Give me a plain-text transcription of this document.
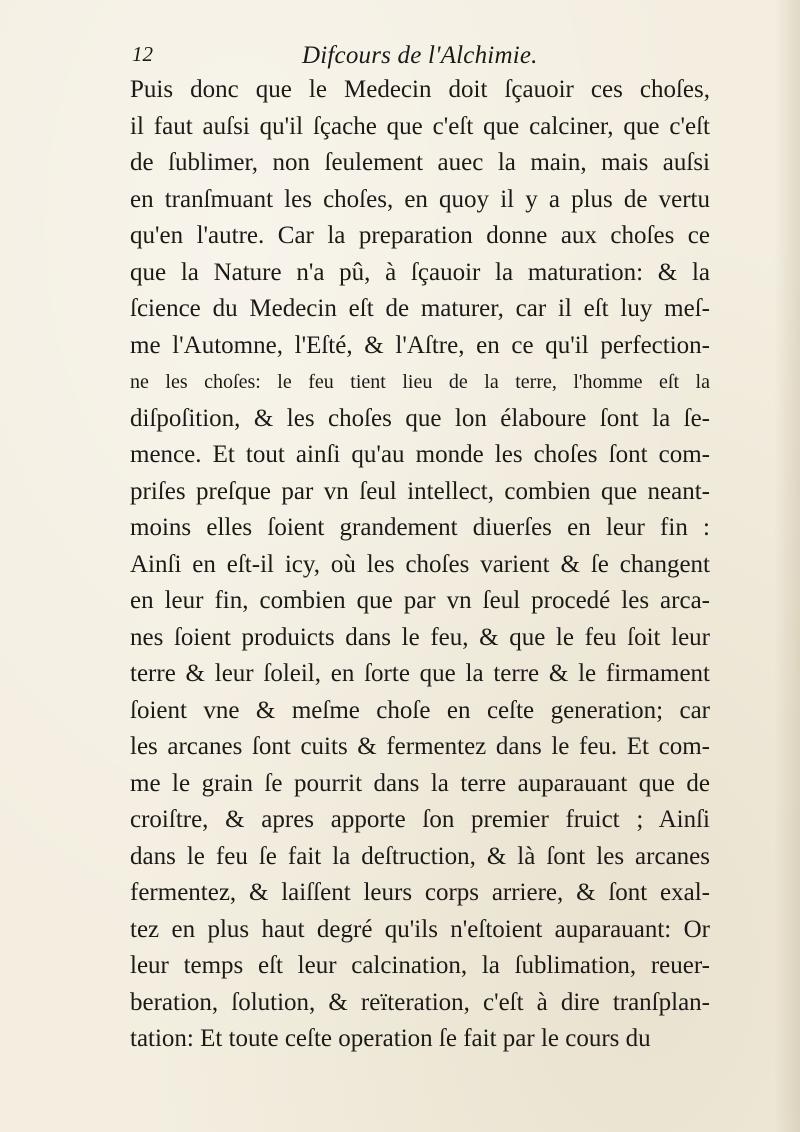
12	Difcours de l'Alchimie.
Puis donc que le Medecin doit ſçauoir ces choſes,
il faut auſsi qu'il ſçache que c'eſt que calciner, que c'eſt
de ſublimer, non ſeulement auec la main, mais auſsi
en tranſmuant les choſes, en quoy il y a plus de vertu
qu'en l'autre. Car la preparation donne aux choſes ce
que la Nature n'a pû, à ſçauoir la maturation: & la
ſcience du Medecin eſt de maturer, car il eſt luy meſ-
me l'Automne, l'Eſté, & l'Aſtre, en ce qu'il perfection-
ne les choſes: le feu tient lieu de la terre, l'homme eſt la
diſpoſition, & les choſes que lon élaboure ſont la ſe-
mence. Et tout ainſi qu'au monde les choſes ſont com-
priſes preſque par vn ſeul intellect, combien que neant-
moins elles ſoient grandement diuerſes en leur fin :
Ainſi en eſt-il icy, où les choſes varient & ſe changent
en leur fin, combien que par vn ſeul procedé les arca-
nes ſoient produicts dans le feu, & que le feu ſoit leur
terre & leur ſoleil, en ſorte que la terre & le firmament
ſoient vne & meſme choſe en ceſte generation; car
les arcanes ſont cuits & fermentez dans le feu. Et com-
me le grain ſe pourrit dans la terre auparauant que de
croiſtre, & apres apporte ſon premier fruict ; Ainſi
dans le feu ſe fait la deſtruction, & là ſont les arcanes
fermentez, & laiſſent leurs corps arriere, & ſont exal-
tez en plus haut degré qu'ils n'eſtoient auparauant: Or
leur temps eſt leur calcination, la ſublimation, reuer-
beration, ſolution, & reïteration, c'eſt à dire tranſplan-
tation: Et toute ceſte operation ſe fait par le cours du
